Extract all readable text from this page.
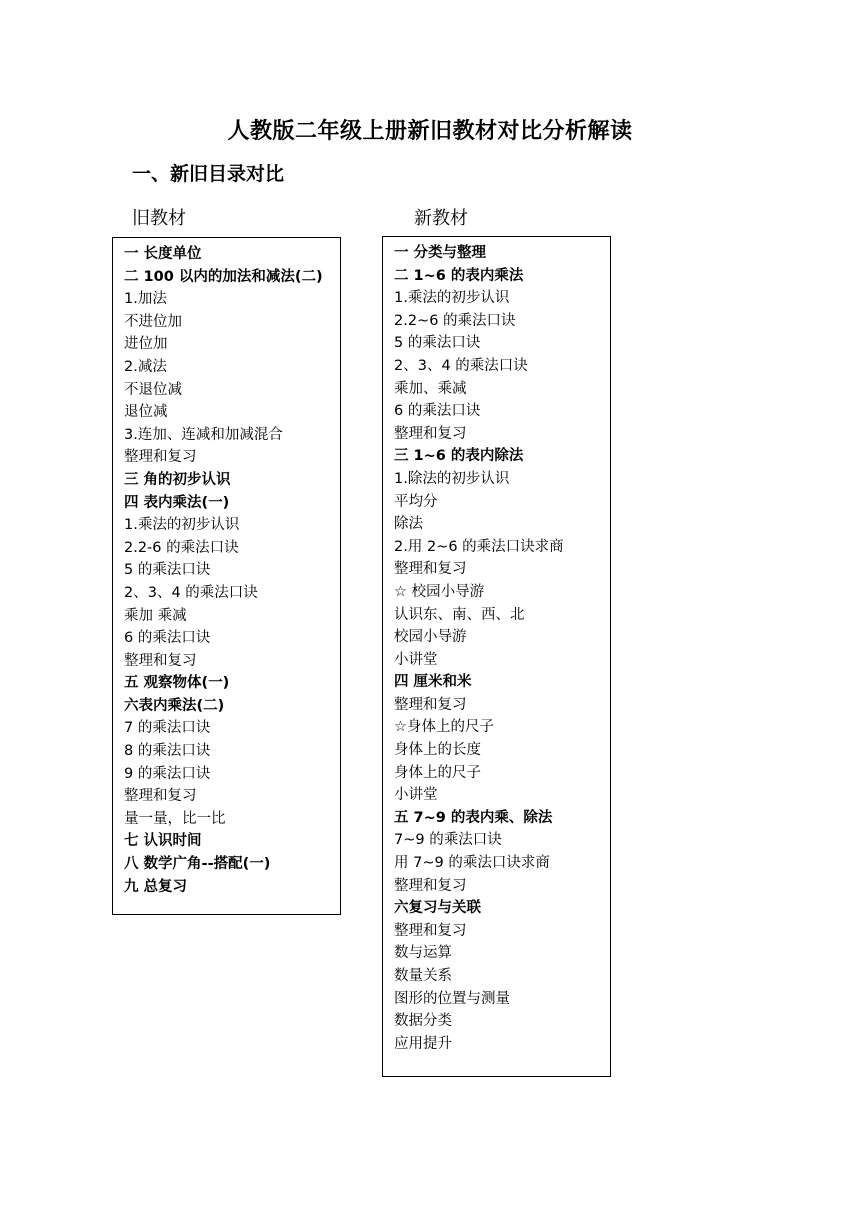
人教版二年级上册新旧教材对比分析解读
一、新旧目录对比
旧教材	新教材
一 长度单位
二 100 以内的加法和减法(二)
1.加法
不进位加
进位加
2.减法
不退位减
退位减
3.连加、连减和加减混合
整理和复习
三 角的初步认识
四 表内乘法(一)
1.乘法的初步认识
2.2-6 的乘法口诀
5 的乘法口诀
2、3、4 的乘法口诀
乘加 乘减
6 的乘法口诀
整理和复习
五 观察物体(一)
六表内乘法(二)
7 的乘法口诀
8 的乘法口诀
9 的乘法口诀
整理和复习
量一量，比一比
七 认识时间
八 数学广角--搭配(一)
九 总复习
一 分类与整理
二 1~6 的表内乘法
1.乘法的初步认识
2.2~6 的乘法口诀
5 的乘法口诀
2、3、4 的乘法口诀
乘加、乘减
6 的乘法口诀
整理和复习
三 1~6 的表内除法
1.除法的初步认识
平均分
除法
2.用 2~6 的乘法口诀求商
整理和复习
☆ 校园小导游
认识东、南、西、北
校园小导游
小讲堂
四 厘米和米
整理和复习
☆身体上的尺子
身体上的长度
身体上的尺子
小讲堂
五 7~9 的表内乘、除法
7~9 的乘法口诀
用 7~9 的乘法口诀求商
整理和复习
六复习与关联
整理和复习
数与运算
数量关系
图形的位置与测量
数据分类
应用提升
